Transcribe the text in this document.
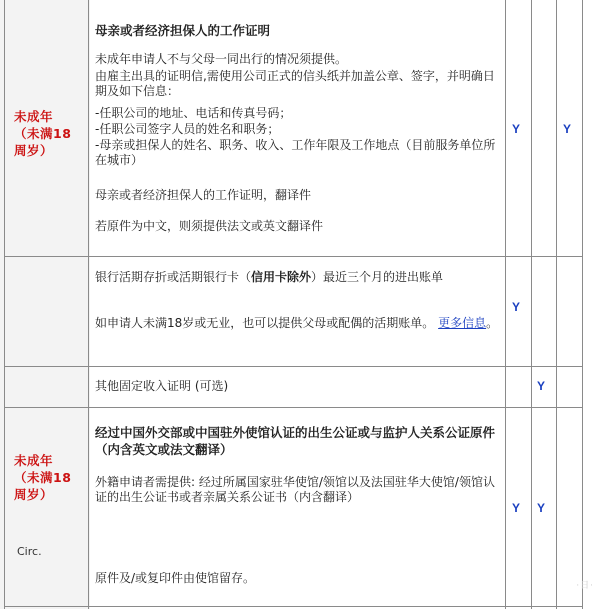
未成年（未满18周岁）
母亲或者经济担保人的工作证明
未成年申请人不与父母一同出行的情况须提供。
由雇主出具的证明信,需使用公司正式的信头纸并加盖公章、签字，并明确日期及如下信息：
-任职公司的地址、电话和传真号码；
-任职公司签字人员的姓名和职务；
-母亲或担保人的姓名、职务、收入、工作年限及工作地点（目前服务单位所在城市）
母亲或者经济担保人的工作证明，翻译件
若原件为中文，则须提供法文或英文翻译件
Y	Y
银行活期存折或活期银行卡（信用卡除外）最近三个月的进出账单
如申请人未满18岁或无业，也可以提供父母或配偶的活期账单。 更多信息。
Y
其他固定收入证明 (可选)	Y
未成年（未满18周岁）
Circ.
经过中国外交部或中国驻外使馆认证的出生公证或与监护人关系公证原件 （内含英文或法文翻译）
外籍申请者需提供: 经过所属国家驻华使馆/领馆以及法国驻华大使馆/领馆认证的出生公证书或者亲属关系公证书（内含翻译）
原件及/或复印件由使馆留存。
Y Y
·日·
